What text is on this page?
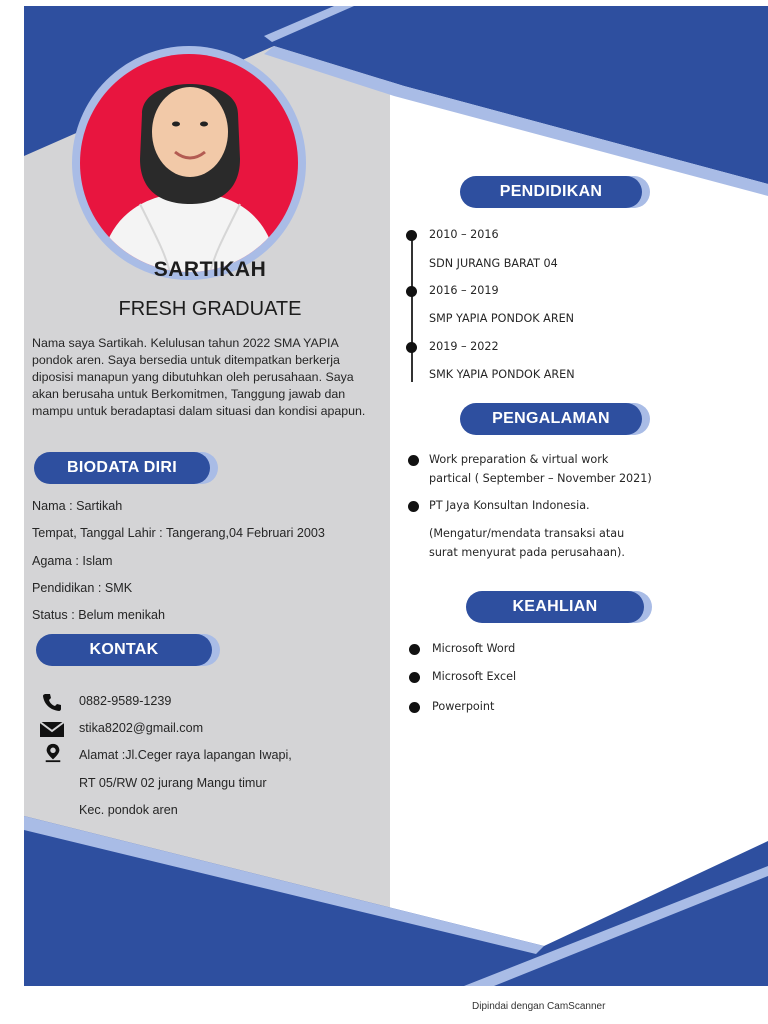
SARTIKAH
FRESH GRADUATE
Nama saya Sartikah. Kelulusan tahun 2022 SMA YAPIA pondok aren. Saya bersedia untuk ditempatkan berkerja diposisi manapun yang dibutuhkan oleh perusahaan. Saya akan berusaha untuk Berkomitmen, Tanggung jawab dan mampu untuk beradaptasi dalam situasi dan kondisi apapun.
BIODATA DIRI
Nama : Sartikah
Tempat, Tanggal Lahir : Tangerang,04 Februari 2003
Agama : Islam
Pendidikan : SMK
Status : Belum menikah
KONTAK
0882-9589-1239
stika8202@gmail.com
Alamat :Jl.Ceger raya lapangan Iwapi,
RT 05/RW 02 jurang Mangu timur
Kec. pondok aren
PENDIDIKAN
2010 – 2016
SDN JURANG BARAT 04
2016 – 2019
SMP YAPIA PONDOK AREN
2019 – 2022
SMK YAPIA PONDOK AREN
PENGALAMAN
Work preparation & virtual work
partical ( September – November 2021)
PT Jaya Konsultan Indonesia.
(Mengatur/mendata transaksi atau
surat menyurat pada perusahaan).
KEAHLIAN
Microsoft Word
Microsoft Excel
Powerpoint
Dipindai dengan CamScanner
